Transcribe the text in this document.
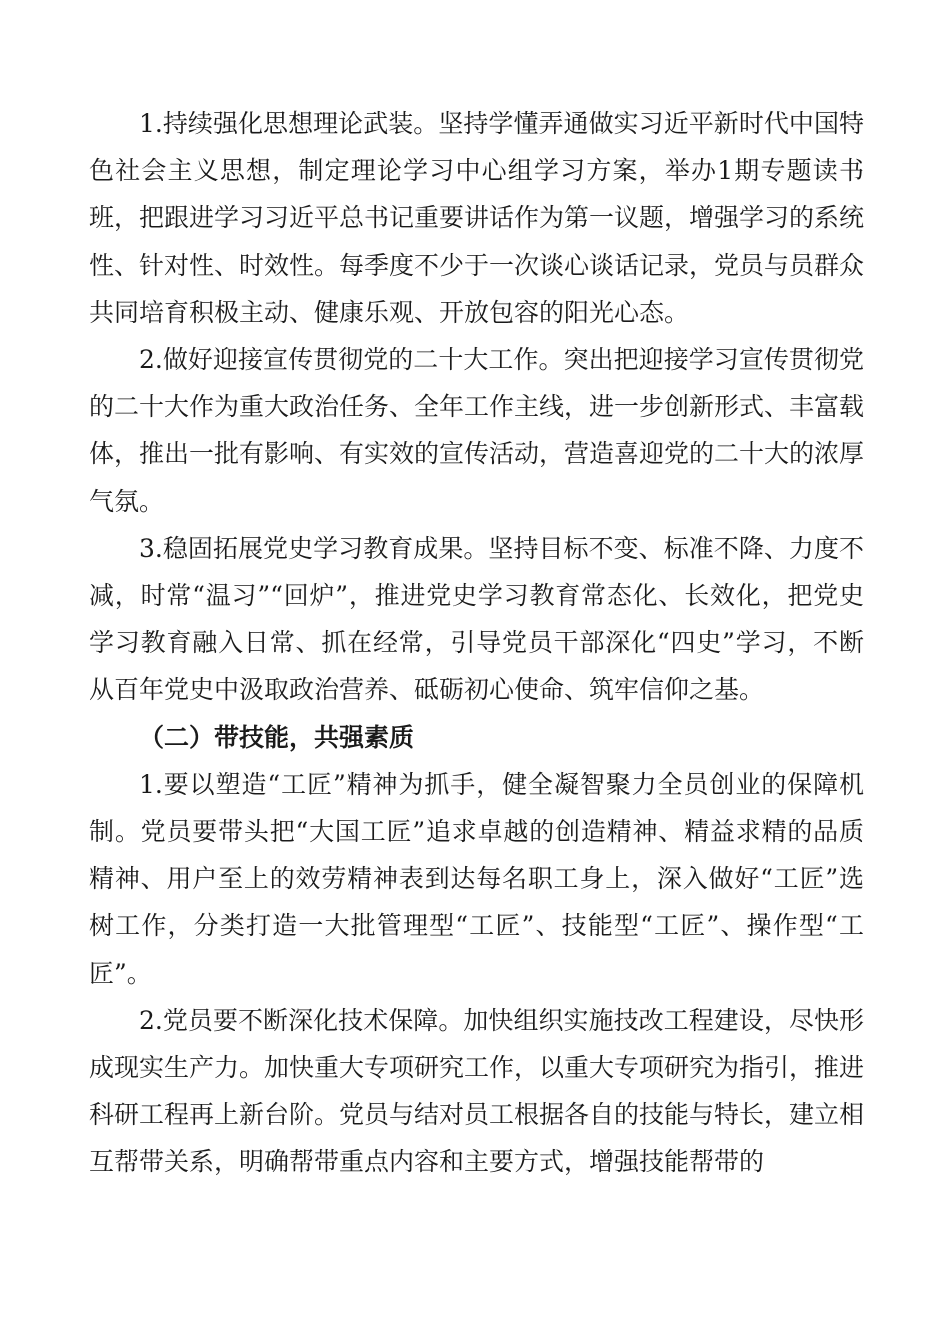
1.持续强化思想理论武装。坚持学懂弄通做实习近平新时代中国特色社会主义思想，制定理论学习中心组学习方案，举办1期专题读书班，把跟进学习习近平总书记重要讲话作为第一议题，增强学习的系统性、针对性、时效性。每季度不少于一次谈心谈话记录，党员与员群众共同培育积极主动、健康乐观、开放包容的阳光心态。

2.做好迎接宣传贯彻党的二十大工作。突出把迎接学习宣传贯彻党的二十大作为重大政治任务、全年工作主线，进一步创新形式、丰富载体，推出一批有影响、有实效的宣传活动，营造喜迎党的二十大的浓厚气氛。

3.稳固拓展党史学习教育成果。坚持目标不变、标准不降、力度不减，时常“温习”“回炉”，推进党史学习教育常态化、长效化，把党史学习教育融入日常、抓在经常，引导党员干部深化“四史”学习，不断从百年党史中汲取政治营养、砥砺初心使命、筑牢信仰之基。

（二）带技能，共强素质

1.要以塑造“工匠”精神为抓手，健全凝智聚力全员创业的保障机制。党员要带头把“大国工匠”追求卓越的创造精神、精益求精的品质精神、用户至上的效劳精神表到达每名职工身上，深入做好“工匠”选树工作，分类打造一大批管理型“工匠”、技能型“工匠”、操作型“工匠”。

2.党员要不断深化技术保障。加快组织实施技改工程建设，尽快形成现实生产力。加快重大专项研究工作，以重大专项研究为指引，推进科研工程再上新台阶。党员与结对员工根据各自的技能与特长，建立相互帮带关系，明确帮带重点内容和主要方式，增强技能帮带的
